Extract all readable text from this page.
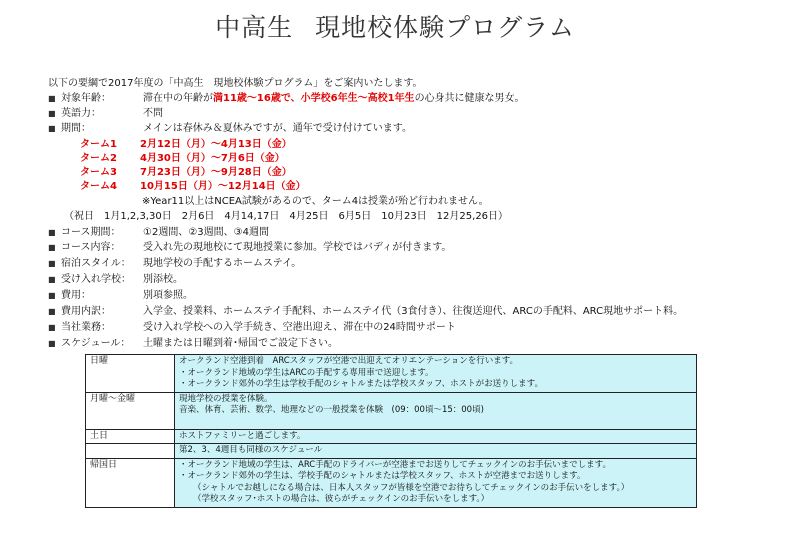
中高生 現地校体験プログラム
以下の要綱で2017年度の「中高生　現地校体験プログラム」をご案内いたします。
■ 対象年齢：	滞在中の年齢が満11歳〜16歳で、小学校6年生〜高校1年生の心身共に健康な男女。
■ 英語力：	不問
■ 期間：	メインは春休み＆夏休みですが、通年で受け付けています。
ターム1 2月12日（月）〜4月13日（金）
ターム2 4月30日（月）〜7月6日（金）
ターム3 7月23日（月）〜9月28日（金）
ターム4 10月15日（月）〜12月14日（金）
※Year11以上はNCEA試験があるので、ターム4は授業が殆ど行われません。
（祝日　1月1,2,3,30日　2月6日　4月14,17日　4月25日　6月5日　10月23日　12月25,26日）
■ コース期間： ①2週間、②3週間、③4週間
■ コース内容： 受入れ先の現地校にて現地授業に参加。学校ではバディが付きます。
■ 宿泊スタイル： 現地学校の手配するホームステイ。
■ 受け入れ学校： 別添校。
■ 費用：	別項参照。
■ 費用内訳：	入学金、授業料、ホームステイ手配料、ホームステイ代（3食付き）、往復送迎代、ARCの手配料、ARC現地サポート料。
■ 当社業務：	受け入れ学校への入学手続き、空港出迎え、滞在中の24時間サポート
■ スケジュール： 土曜または日曜到着･帰国でご設定下さい。
日曜	オークランド空港到着　ARCスタッフが空港で出迎えてオリエンテーションを行います。
・オークランド地域の学生はARCの手配する専用車で送迎します。
・オークランド郊外の学生は学校手配のシャトルまたは学校スタッフ、ホストがお送りします。

月曜〜金曜	現地学校の授業を体験。
音楽、体育、芸術、数学、地理などの一般授業を体験　(09：00頃〜15：00頃)

土日	ホストファミリーと過ごします。

	第2、3、4週目も同様のスケジュール

帰国日	・オークランド地域の学生は、ARC手配のドライバーが空港までお送りしてチェックインのお手伝いまでします。
・オークランド郊外の学生は、学校手配のシャトルまたは学校スタッフ、ホストが空港までお送りします。
（シャトルでお越しになる場合は、日本人スタッフが皆様を空港でお待ちしてチェックインのお手伝いをします。）
（学校スタッフ･ホストの場合は、彼らがチェックインのお手伝いをします。）
